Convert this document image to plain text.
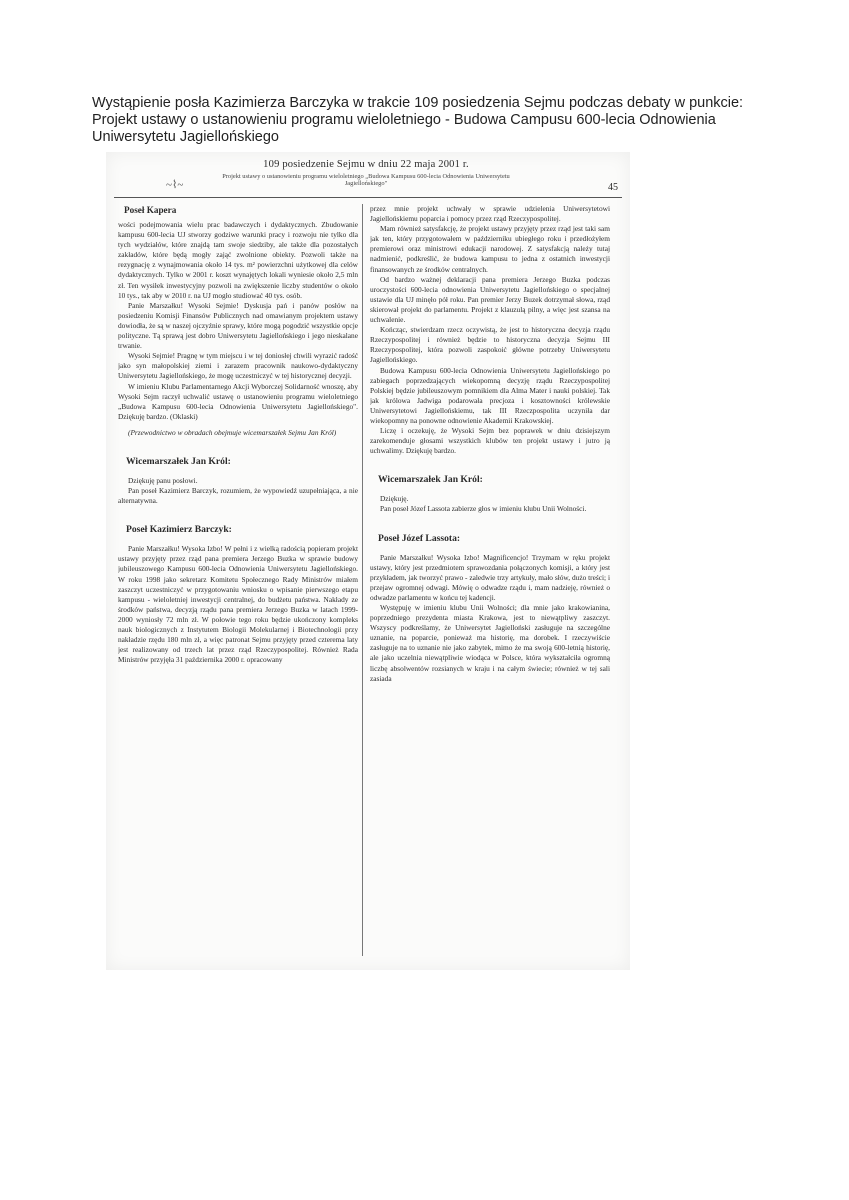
Wystąpienie posła Kazimierza Barczyka w trakcie 109 posiedzenia Sejmu podczas debaty w punkcie: Projekt ustawy o ustanowieniu programu wieloletniego - Budowa Campusu 600-lecia Odnowienia Uniwersytetu Jagiellońskiego
~⌇~
109 posiedzenie Sejmu w dniu 22 maja 2001 r.
Projekt ustawy o ustanowieniu programu wieloletniego „Budowa Kampusu 600-lecia Odnowienia Uniwersytetu Jagiellońskiego"	45
Poseł Kapera

wości podejmowania wielu prac badawczych i dydaktycznych. Zbudowanie kampusu 600-lecia UJ stworzy godziwe warunki pracy i rozwoju nie tylko dla tych wydziałów, które znajdą tam swoje siedziby, ale także dla pozostałych zakładów, które będą mogły zająć zwolnione obiekty. Pozwoli także na rezygnację z wynajmowania około 14 tys. m² powierzchni użytkowej dla celów dydaktycznych. Tylko w 2001 r. koszt wynajętych lokali wyniesie około 2,5 mln zł. Ten wysiłek inwestycyjny pozwoli na zwiększenie liczby studentów o około 10 tys., tak aby w 2010 r. na UJ mogło studiować 40 tys. osób.

Panie Marszałku! Wysoki Sejmie! Dyskusja pań i panów posłów na posiedzeniu Komisji Finansów Publicznych nad omawianym projektem ustawy dowiodła, że są w naszej ojczyźnie sprawy, które mogą pogodzić wszystkie opcje polityczne. Tą sprawą jest dobro Uniwersytetu Jagiellońskiego i jego nieskalane trwanie.

Wysoki Sejmie! Pragnę w tym miejscu i w tej doniosłej chwili wyrazić radość jako syn małopolskiej ziemi i zarazem pracownik naukowo-dydaktyczny Uniwersytetu Jagiellońskiego, że mogę uczestniczyć w tej historycznej decyzji.

W imieniu Klubu Parlamentarnego Akcji Wyborczej Solidarność wnoszę, aby Wysoki Sejm raczył uchwalić ustawę o ustanowieniu programu wieloletniego „Budowa Kampusu 600-lecia Odnowienia Uniwersytetu Jagiellońskiego". Dziękuję bardzo. (Oklaski)

(Przewodnictwo w obradach obejmuje wicemarszałek Sejmu Jan Król)

Wicemarszałek Jan Król:

Dziękuję panu posłowi.

Pan poseł Kazimierz Barczyk, rozumiem, że wypowiedź uzupełniająca, a nie alternatywna.

Poseł Kazimierz Barczyk:

Panie Marszałku! Wysoka Izbo! W pełni i z wielką radością popieram projekt ustawy przyjęty przez rząd pana premiera Jerzego Buzka w sprawie budowy jubileuszowego Kampusu 600-lecia Odnowienia Uniwersytetu Jagiellońskiego. W roku 1998 jako sekretarz Komitetu Społecznego Rady Ministrów miałem zaszczyt uczestniczyć w przygotowaniu wniosku o wpisanie pierwszego etapu kampusu - wieloletniej inwestycji centralnej, do budżetu państwa. Nakłady ze środków państwa, decyzją rządu pana premiera Jerzego Buzka w latach 1999-2000 wyniosły 72 mln zł. W połowie tego roku będzie ukończony kompleks nauk biologicznych z Instytutem Biologii Molekularnej i Biotechnologii przy nakładzie rzędu 180 mln zł, a więc patronat Sejmu przyjęty przed czterema laty jest realizowany od trzech lat przez rząd Rzeczypospolitej. Również Rada Ministrów przyjęła 31 października 2000 r. opracowany

przez mnie projekt uchwały w sprawie udzielenia Uniwersytetowi Jagiellońskiemu poparcia i pomocy przez rząd Rzeczypospolitej.

Mam również satysfakcję, że projekt ustawy przyjęty przez rząd jest taki sam jak ten, który przygotowałem w październiku ubiegłego roku i przedłożyłem premierowi oraz ministrowi edukacji narodowej. Z satysfakcją należy tutaj nadmienić, podkreślić, że budowa kampusu to jedna z ostatnich inwestycji finansowanych ze środków centralnych.

Od bardzo ważnej deklaracji pana premiera Jerzego Buzka podczas uroczystości 600-lecia odnowienia Uniwersytetu Jagiellońskiego o specjalnej ustawie dla UJ minęło pół roku. Pan premier Jerzy Buzek dotrzymał słowa, rząd skierował projekt do parlamentu. Projekt z klauzulą pilny, a więc jest szansa na uchwalenie.

Kończąc, stwierdzam rzecz oczywistą, że jest to historyczna decyzja rządu Rzeczypospolitej i również będzie to historyczna decyzja Sejmu III Rzeczypospolitej, która pozwoli zaspokoić główne potrzeby Uniwersytetu Jagiellońskiego.

Budowa Kampusu 600-lecia Odnowienia Uniwersytetu Jagiellońskiego po zabiegach poprzedzających wiekopomną decyzję rządu Rzeczypospolitej Polskiej będzie jubileuszowym pomnikiem dla Alma Mater i nauki polskiej. Tak jak królowa Jadwiga podarowała precjoza i kosztowności królewskie Uniwersytetowi Jagiellońskiemu, tak III Rzeczpospolita uczyniła dar wiekopomny na ponowne odnowienie Akademii Krakowskiej.

Liczę i oczekuję, że Wysoki Sejm bez poprawek w dniu dzisiejszym zarekomenduje głosami wszystkich klubów ten projekt ustawy i jutro ją uchwalimy. Dziękuję bardzo.

Wicemarszałek Jan Król:

Dziękuję.

Pan poseł Józef Lassota zabierze głos w imieniu klubu Unii Wolności.

Poseł Józef Lassota:

Panie Marszałku! Wysoka Izbo! Magnificencjo! Trzymam w ręku projekt ustawy, który jest przedmiotem sprawozdania połączonych komisji, a który jest przykładem, jak tworzyć prawo - zaledwie trzy artykuły, mało słów, dużo treści; i przejaw ogromnej odwagi. Mówię o odwadze rządu i, mam nadzieję, również o odwadze parlamentu w końcu tej kadencji.

Występuję w imieniu klubu Unii Wolności; dla mnie jako krakowianina, poprzedniego prezydenta miasta Krakowa, jest to niewątpliwy zaszczyt. Wszyscy podkreślamy, że Uniwersytet Jagielloński zasługuje na szczególne uznanie, na poparcie, ponieważ ma historię, ma dorobek. I rzeczywiście zasługuje na to uznanie nie jako zabytek, mimo że ma swoją 600-letnią historię, ale jako uczelnia niewątpliwie wiodąca w Polsce, która wykształciła ogromną liczbę absolwentów rozsianych w kraju i na całym świecie; również w tej sali zasiada
